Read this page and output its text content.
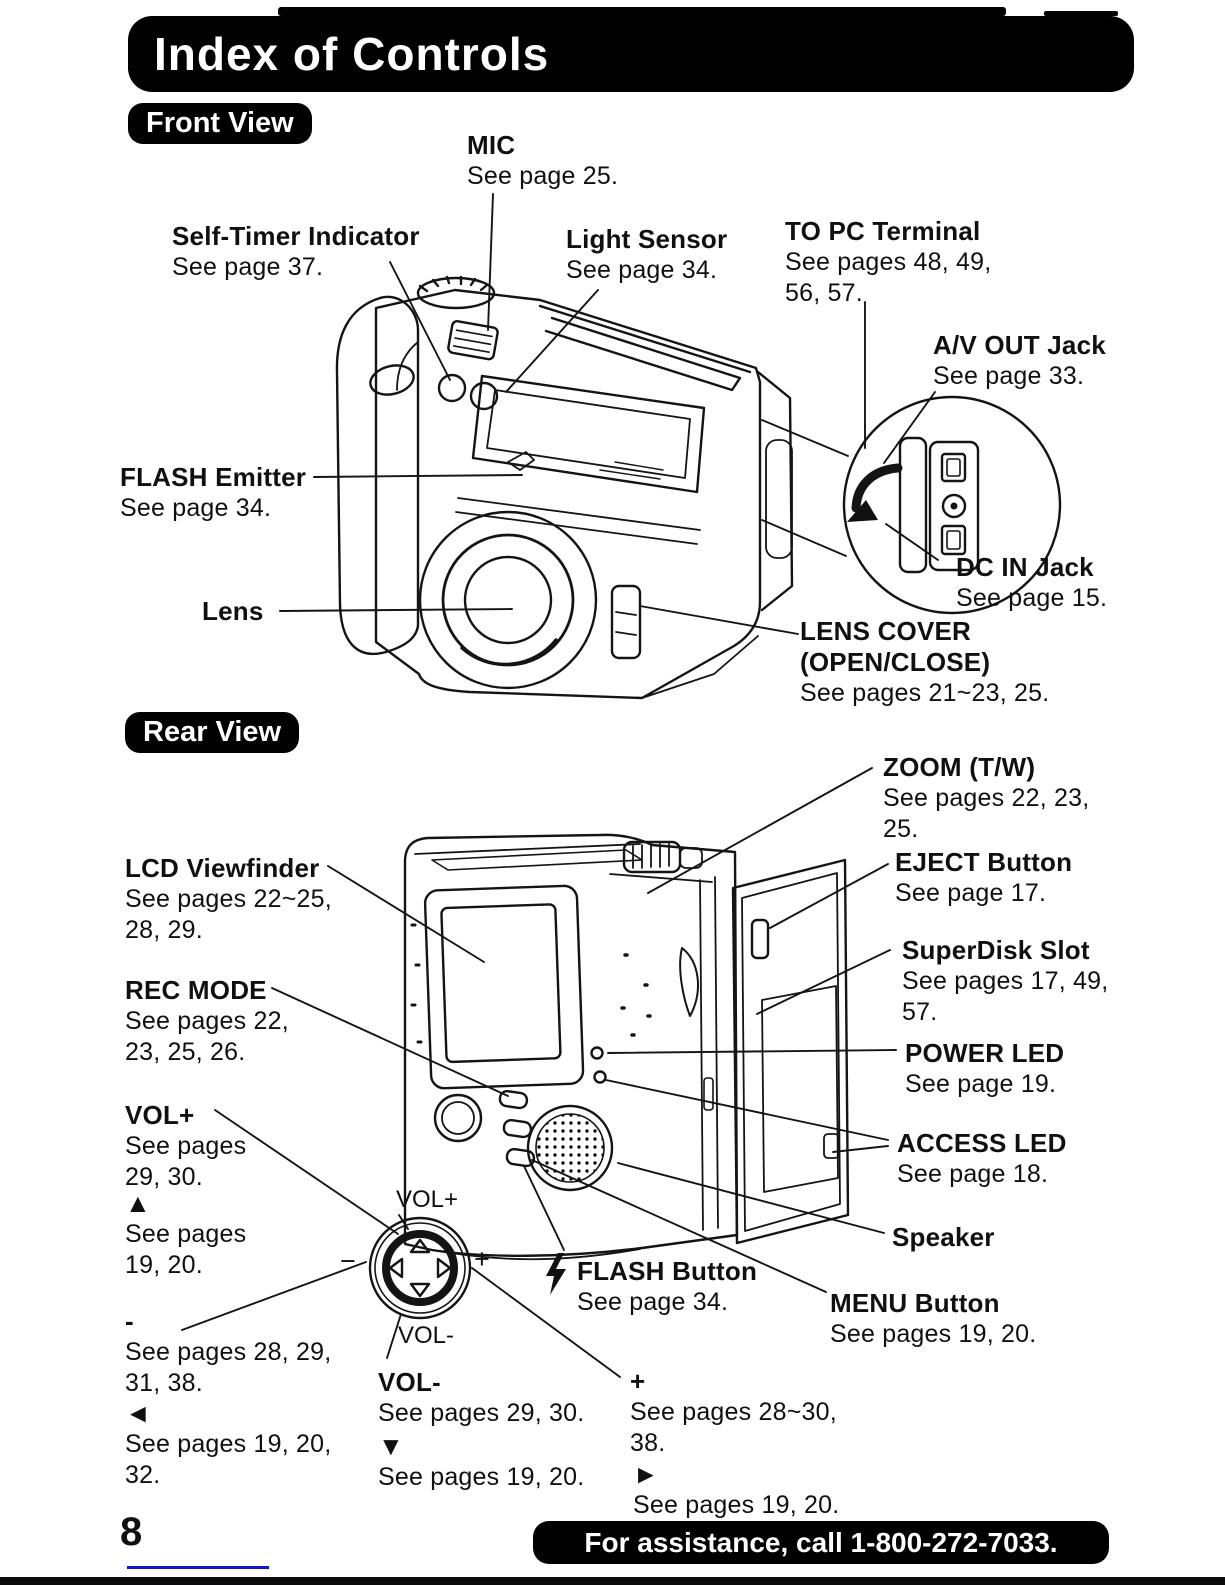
Index of Controls
Front View
Rear View
MIC
See page 25.
Self-Timer Indicator
See page 37.
Light Sensor
See page 34.
TO PC Terminal
See pages 48, 49,
56, 57.
A/V OUT Jack
See page 33.
FLASH Emitter
See page 34.
DC IN Jack
See page 15.
Lens
LENS COVER
(OPEN/CLOSE)
See pages 21~23, 25.
ZOOM (T/W)
See pages 22, 23,
25.
LCD Viewfinder
See pages 22~25,
28, 29.
EJECT Button
See page 17.
SuperDisk Slot
See pages 17, 49,
57.
REC MODE
See pages 22,
23, 25, 26.	POWER LED
See page 19.
VOL+
See pages
29, 30.
ACCESS LED
See page 18.
▲
See pages
19, 20.
Speaker
-
See pages 28, 29,
31, 38.
◄
See pages 19, 20,
32.
VOL-
See pages 29, 30.
▼
See pages 19, 20.
+
See pages 28~30,
38.
►
See pages 19, 20.
FLASH Button
See page 34.	MENU Button
See pages 19, 20.
VOL+
−	+
VOL-
8	For assistance, call 1-800-272-7033.
